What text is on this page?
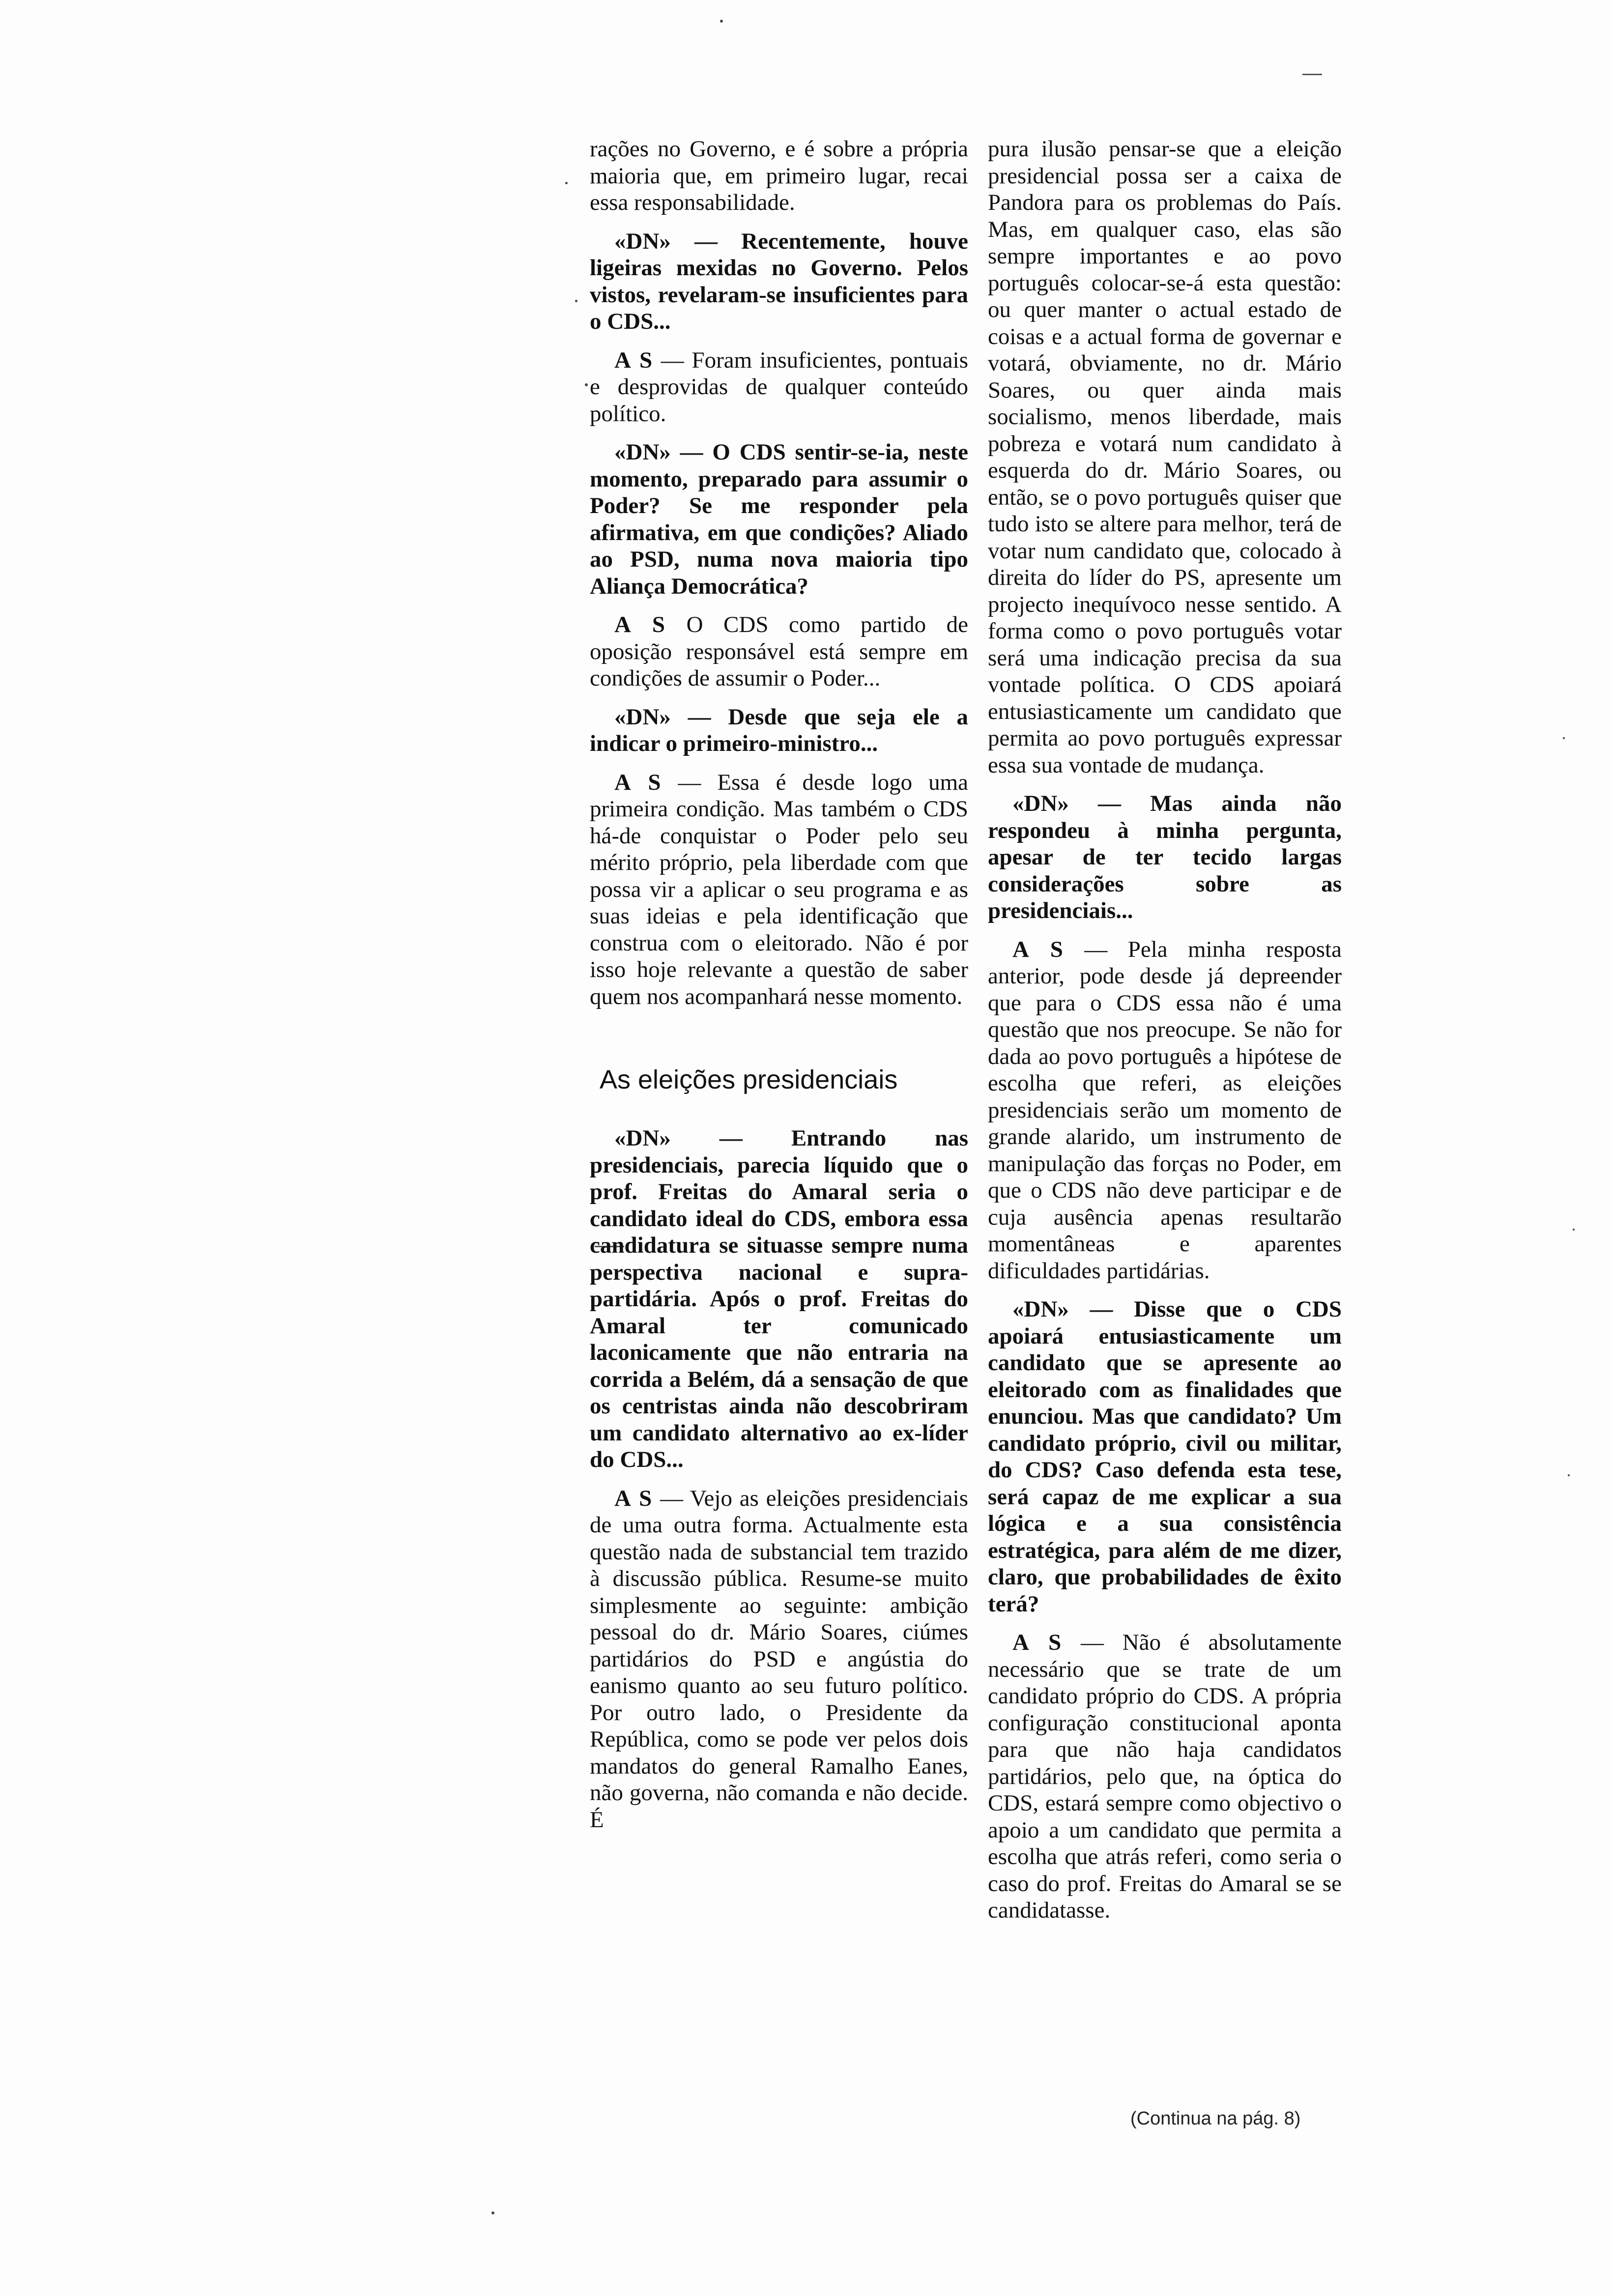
rações no Governo, e é sobre a própria maioria que, em primeiro lugar, recai essa responsabilidade.

«DN» — Recentemente, houve ligeiras mexidas no Governo. Pelos vistos, revelaram-se insuficientes para o CDS...

A S — Foram insuficientes, pontuais e desprovidas de qualquer conteúdo político.

«DN» — O CDS sentir-se-ia, neste momento, preparado para assumir o Poder? Se me responder pela afirmativa, em que condições? Aliado ao PSD, numa nova maioria tipo Aliança Democrática?

A S O CDS como partido de oposição responsável está sempre em condições de assumir o Poder...

«DN» — Desde que seja ele a indicar o primeiro-ministro...

A S — Essa é desde logo uma primeira condição. Mas também o CDS há-de conquistar o Poder pelo seu mérito próprio, pela liberdade com que possa vir a aplicar o seu programa e as suas ideias e pela identificação que construa com o eleitorado. Não é por isso hoje relevante a questão de saber quem nos acompanhará nesse momento.

As eleições presidenciais

«DN» — Entrando nas presidenciais, parecia líquido que o prof. Freitas do Amaral seria o candidato ideal do CDS, embora essa candidatura se situasse sempre numa perspectiva nacional e supra-partidária. Após o prof. Freitas do Amaral ter comunicado laconicamente que não entraria na corrida a Belém, dá a sensação de que os centristas ainda não descobriram um candidato alternativo ao ex-líder do CDS...

A S — Vejo as eleições presidenciais de uma outra forma. Actualmente esta questão nada de substancial tem trazido à discussão pública. Resume-se muito simplesmente ao seguinte: ambição pessoal do dr. Mário Soares, ciúmes partidários do PSD e angústia do eanismo quanto ao seu futuro político. Por outro lado, o Presidente da República, como se pode ver pelos dois mandatos do general Ramalho Eanes, não governa, não comanda e não decide. É

pura ilusão pensar-se que a eleição presidencial possa ser a caixa de Pandora para os problemas do País. Mas, em qualquer caso, elas são sempre importantes e ao povo português colocar-se-á esta questão: ou quer manter o actual estado de coisas e a actual forma de governar e votará, obviamente, no dr. Mário Soares, ou quer ainda mais socialismo, menos liberdade, mais pobreza e votará num candidato à esquerda do dr. Mário Soares, ou então, se o povo português quiser que tudo isto se altere para melhor, terá de votar num candidato que, colocado à direita do líder do PS, apresente um projecto inequívoco nesse sentido. A forma como o povo português votar será uma indicação precisa da sua vontade política. O CDS apoiará entusiasticamente um candidato que permita ao povo português expressar essa sua vontade de mudança.

«DN» — Mas ainda não respondeu à minha pergunta, apesar de ter tecido largas considerações sobre as presidenciais...

A S — Pela minha resposta anterior, pode desde já depreender que para o CDS essa não é uma questão que nos preocupe. Se não for dada ao povo português a hipótese de escolha que referi, as eleições presidenciais serão um momento de grande alarido, um instrumento de manipulação das forças no Poder, em que o CDS não deve participar e de cuja ausência apenas resultarão momentâneas e aparentes dificuldades partidárias.

«DN» — Disse que o CDS apoiará entusiasticamente um candidato que se apresente ao eleitorado com as finalidades que enunciou. Mas que candidato? Um candidato próprio, civil ou militar, do CDS? Caso defenda esta tese, será capaz de me explicar a sua lógica e a sua consistência estratégica, para além de me dizer, claro, que probabilidades de êxito terá?

A S — Não é absolutamente necessário que se trate de um candidato próprio do CDS. A própria configuração constitucional aponta para que não haja candidatos partidários, pelo que, na óptica do CDS, estará sempre como objectivo o apoio a um candidato que permita a escolha que atrás referi, como seria o caso do prof. Freitas do Amaral se se candidatasse.

(Continua na pág. 8)
